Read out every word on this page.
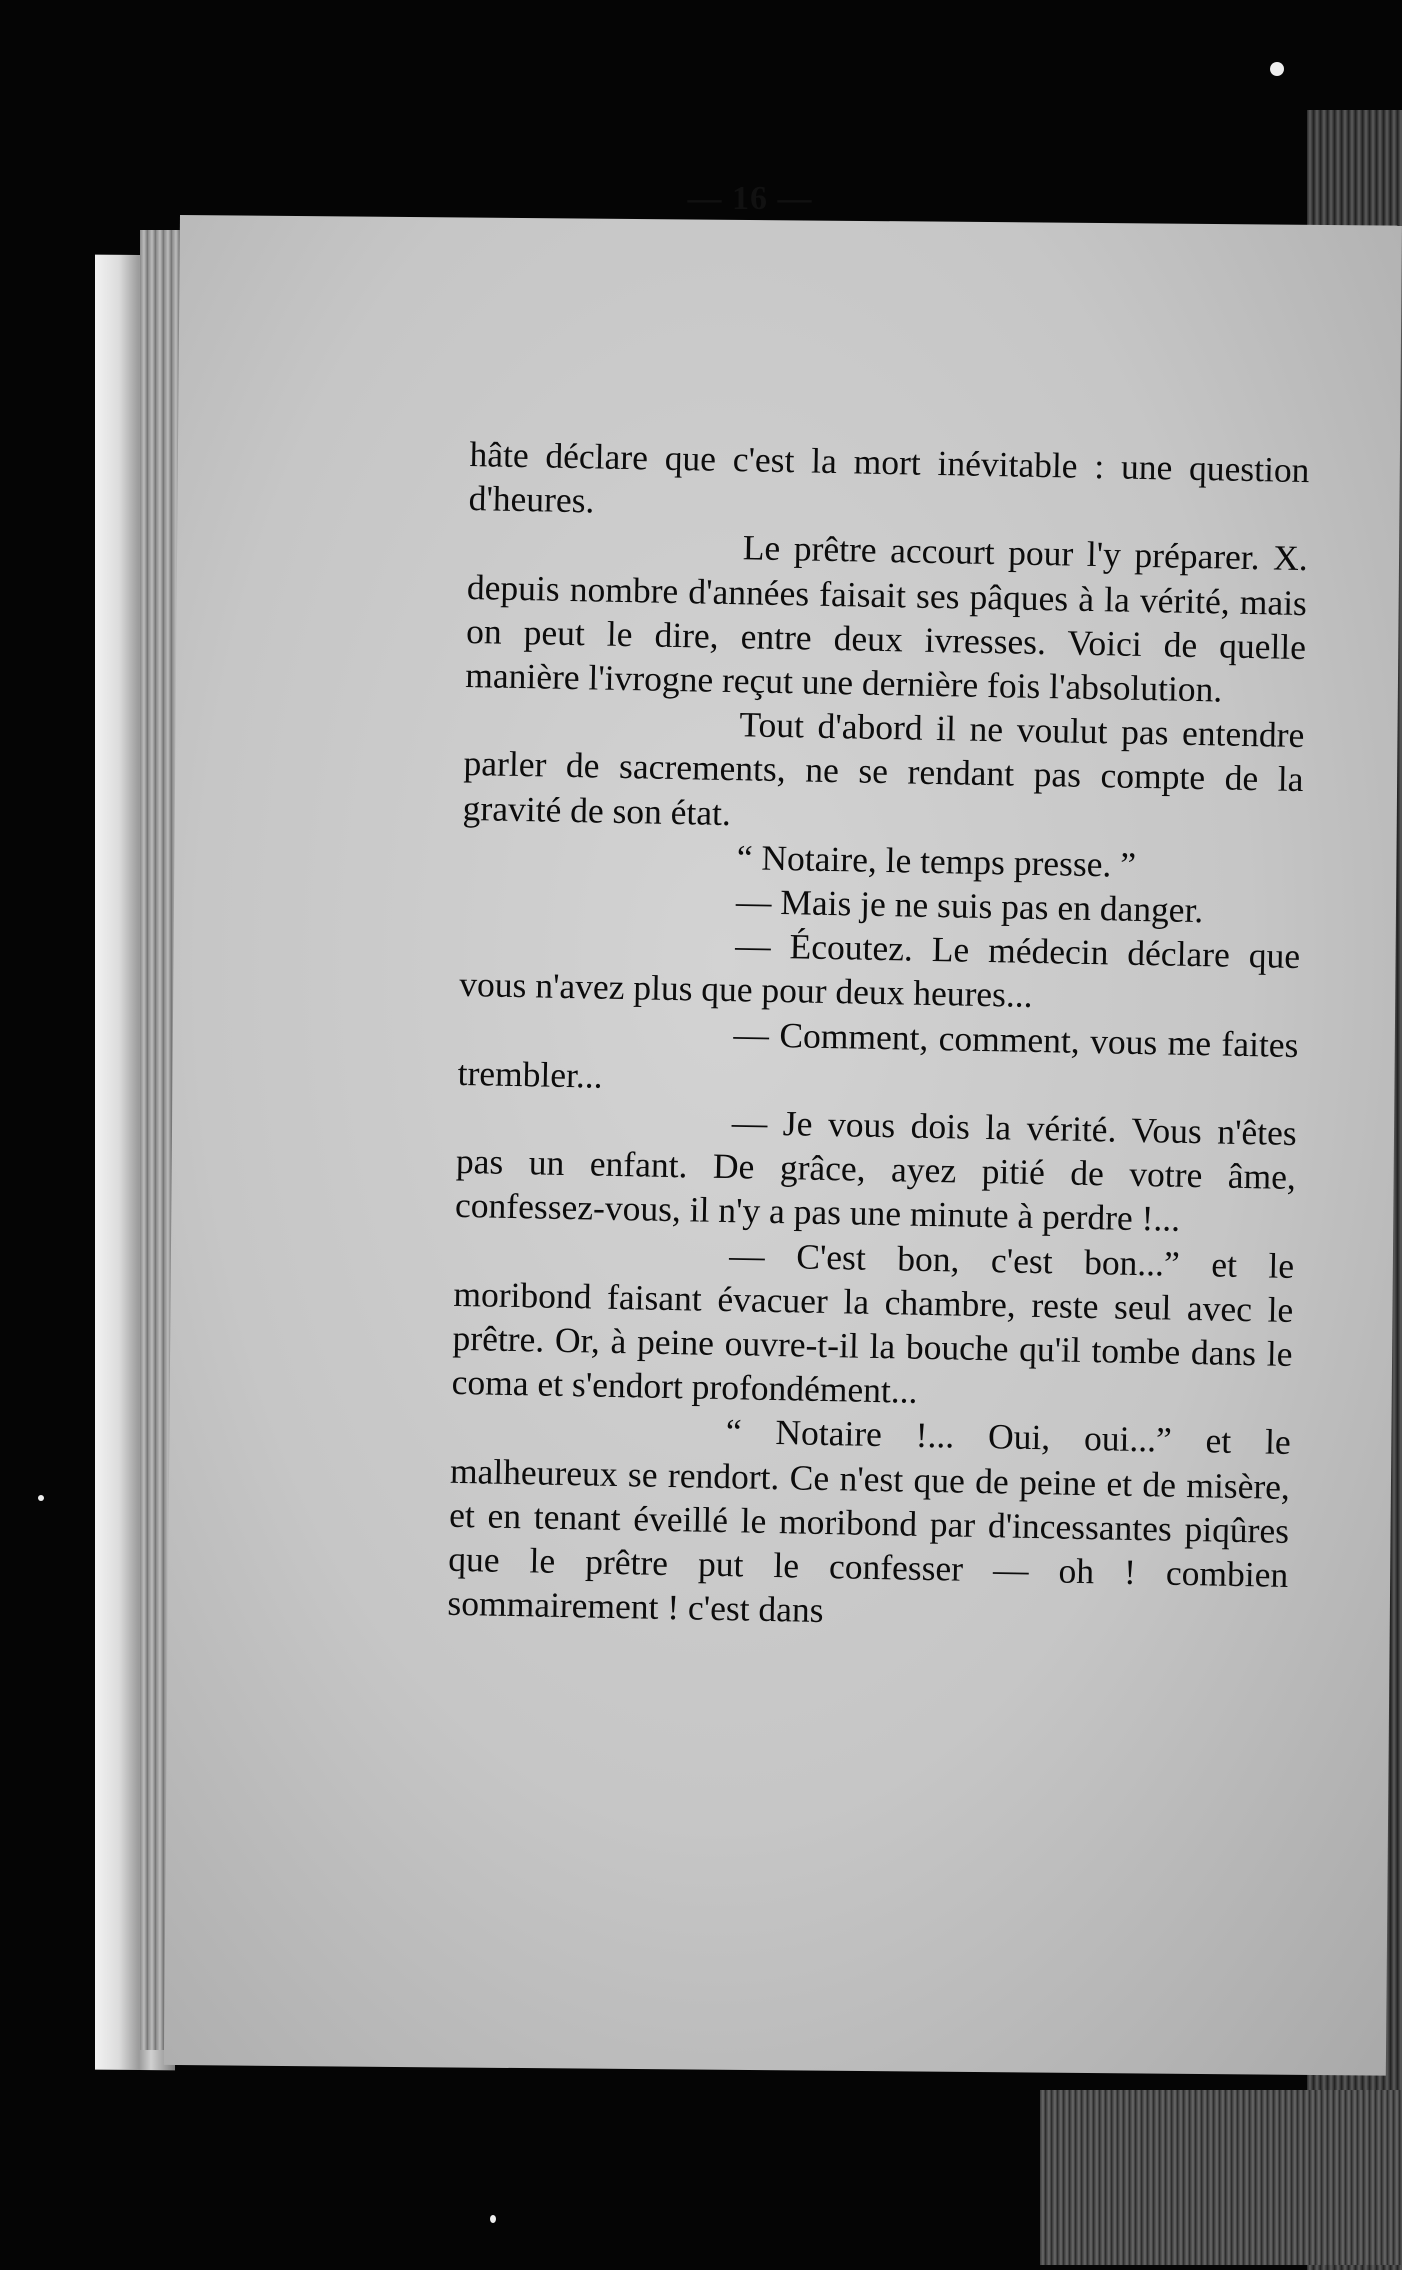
— 16 —

hâte déclare que c'est la mort inévitable : une question d'heures.

Le prêtre accourt pour l'y préparer. X. depuis nombre d'années faisait ses pâques à la vérité, mais on peut le dire, entre deux ivresses. Voici de quelle manière l'ivrogne reçut une dernière fois l'absolution.

Tout d'abord il ne voulut pas entendre parler de sacrements, ne se rendant pas compte de la gravité de son état.

“ Notaire, le temps presse. ”

— Mais je ne suis pas en danger.

— Écoutez. Le médecin déclare que vous n'avez plus que pour deux heures...

— Comment, comment, vous me faites trembler...

— Je vous dois la vérité. Vous n'êtes pas un enfant. De grâce, ayez pitié de votre âme, confessez-vous, il n'y a pas une minute à perdre !...

— C'est bon, c'est bon...” et le moribond faisant évacuer la chambre, reste seul avec le prêtre. Or, à peine ouvre-t-il la bouche qu'il tombe dans le coma et s'endort profondément...

“ Notaire !... Oui, oui...” et le malheureux se rendort. Ce n'est que de peine et de misère, et en tenant éveillé le moribond par d'incessantes piqûres que le prêtre put le confesser — oh ! combien sommairement ! c'est dans
